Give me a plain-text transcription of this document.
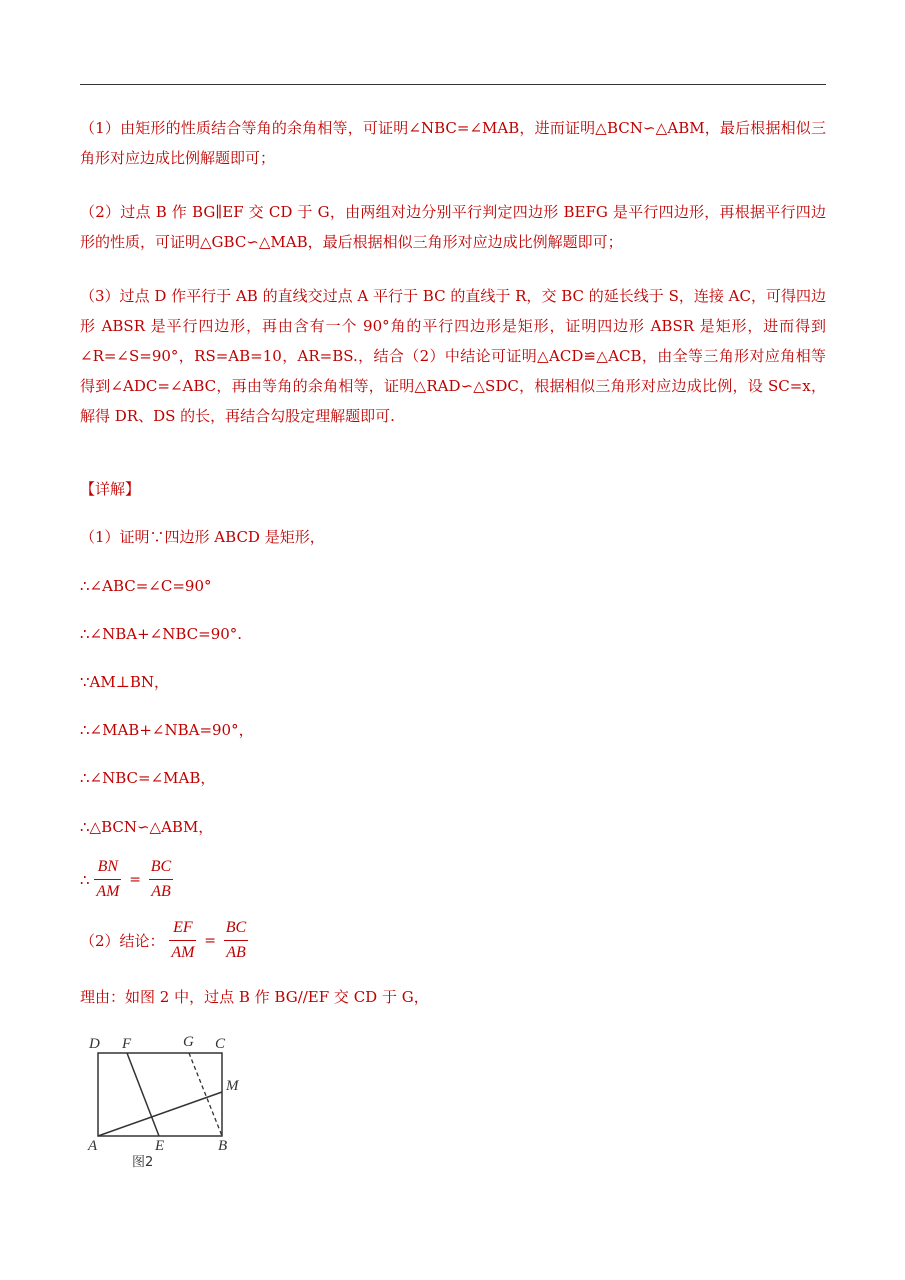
（1）由矩形的性质结合等角的余角相等，可证明∠NBC=∠MAB，进而证明△BCN∽△ABM，最后根据相似三角形对应边成比例解题即可；
（2）过点 B 作 BG∥EF 交 CD 于 G，由两组对边分别平行判定四边形 BEFG 是平行四边形，再根据平行四边形的性质，可证明△GBC∽△MAB，最后根据相似三角形对应边成比例解题即可；
（3）过点 D 作平行于 AB 的直线交过点 A 平行于 BC 的直线于 R，交 BC 的延长线于 S，连接 AC，可得四边形 ABSR 是平行四边形，再由含有一个 90°角的平行四边形是矩形，证明四边形 ABSR 是矩形，进而得到∠R=∠S=90°，RS=AB=10，AR=BS.，结合（2）中结论可证明△ACD≌△ACB，由全等三角形对应角相等得到∠ADC=∠ABC，再由等角的余角相等，证明△RAD∽△SDC，根据相似三角形对应边成比例，设 SC=x，解得 DR、DS 的长，再结合勾股定理解题即可.
【详解】
（1）证明∵四边形 ABCD 是矩形，
∴∠ABC=∠C=90°
∴∠NBA+∠NBC=90°.
∵AM⊥BN，
∴∠MAB+∠NBA=90°，
∴∠NBC=∠MAB，
∴△BCN∽△ABM，
∴ $\frac{BN}{AM} = \frac{BC}{AB}$
（2）结论： $\frac{EF}{AM} = \frac{BC}{AB}$
理由：如图 2 中，过点 B 作 BG//EF 交 CD 于 G，
D F	G C
M
A	E	B
图2
